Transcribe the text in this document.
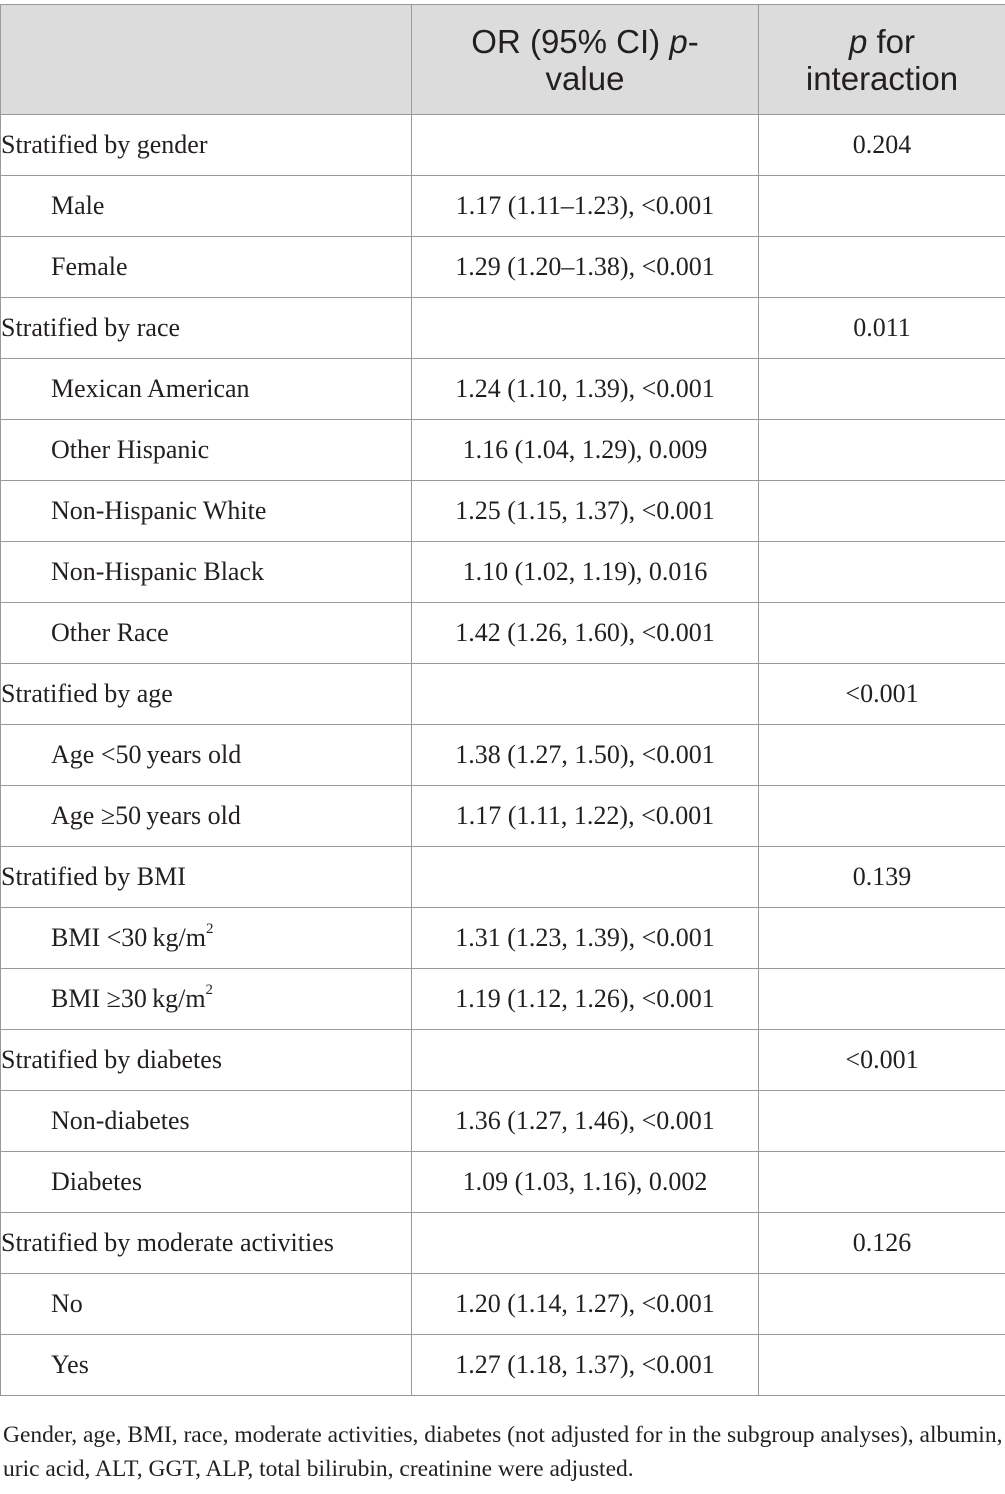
	OR (95% CI) p-
value	p for
interaction

Stratified by gender		0.204
Male	1.17 (1.11–1.23), <0.001	
Female	1.29 (1.20–1.38), <0.001	
Stratified by race		0.011
Mexican American	1.24 (1.10, 1.39), <0.001	
Other Hispanic	1.16 (1.04, 1.29), 0.009	
Non-Hispanic White	1.25 (1.15, 1.37), <0.001	
Non-Hispanic Black	1.10 (1.02, 1.19), 0.016	
Other Race	1.42 (1.26, 1.60), <0.001	
Stratified by age		<0.001
Age <50 years old	1.38 (1.27, 1.50), <0.001	
Age ≥50 years old	1.17 (1.11, 1.22), <0.001	
Stratified by BMI		0.139
BMI <30 $kg/m^2$	1.31 (1.23, 1.39), <0.001	
BMI ≥30 $kg/m^2$	1.19 (1.12, 1.26), <0.001	
Stratified by diabetes		<0.001
Non-diabetes	1.36 (1.27, 1.46), <0.001	
Diabetes	1.09 (1.03, 1.16), 0.002	
Stratified by moderate activities		0.126
No	1.20 (1.14, 1.27), <0.001	
Yes	1.27 (1.18, 1.37), <0.001	
Gender, age, BMI, race, moderate activities, diabetes (not adjusted for in the subgroup analyses), albumin, uric acid, ALT, GGT, ALP, total bilirubin, creatinine were adjusted.
